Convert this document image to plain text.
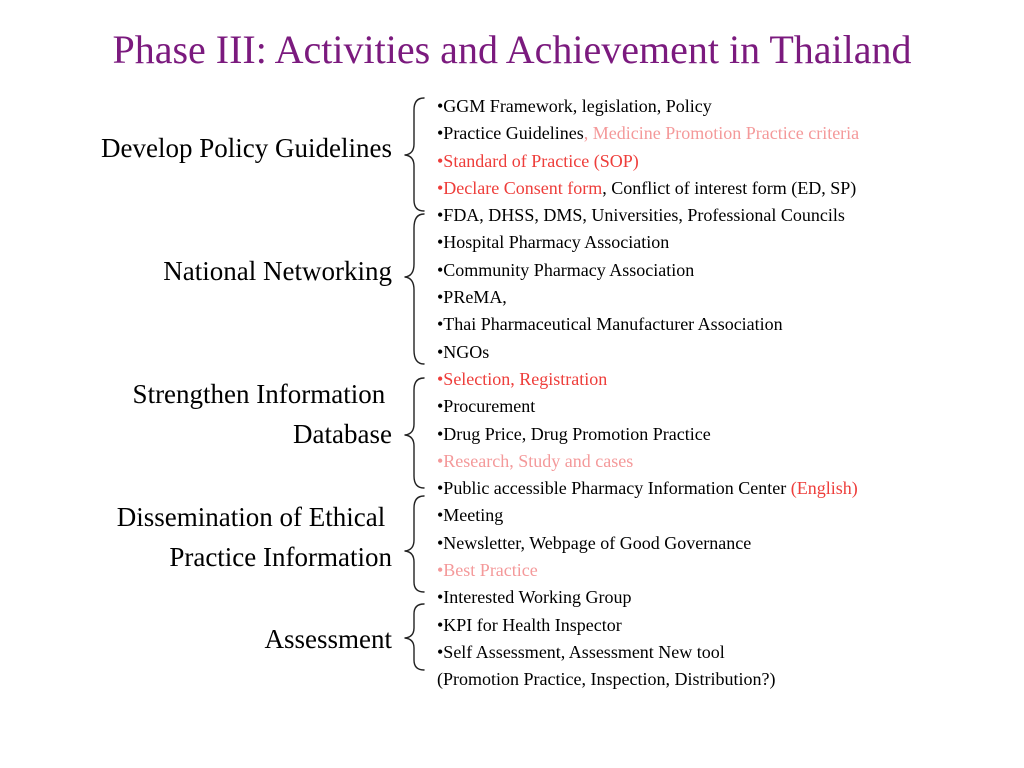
Phase III: Activities and Achievement in Thailand
Develop Policy Guidelines
National Networking
Strengthen Information
Database
Dissemination of Ethical
Practice Information
Assessment
•GGM Framework, legislation, Policy
•Practice Guidelines, Medicine Promotion Practice criteria
•Standard of Practice (SOP)
•Declare Consent form, Conflict of interest form (ED, SP)
•FDA, DHSS, DMS, Universities, Professional Councils
•Hospital Pharmacy Association
•Community Pharmacy Association
•PReMA,
•Thai Pharmaceutical Manufacturer Association
•NGOs
•Selection, Registration
•Procurement
•Drug Price, Drug Promotion Practice
•Research, Study and cases
•Public accessible Pharmacy Information Center (English)
•Meeting
•Newsletter, Webpage of Good Governance
•Best Practice
•Interested Working Group
•KPI for Health Inspector
•Self Assessment, Assessment New tool
(Promotion Practice, Inspection, Distribution?)
